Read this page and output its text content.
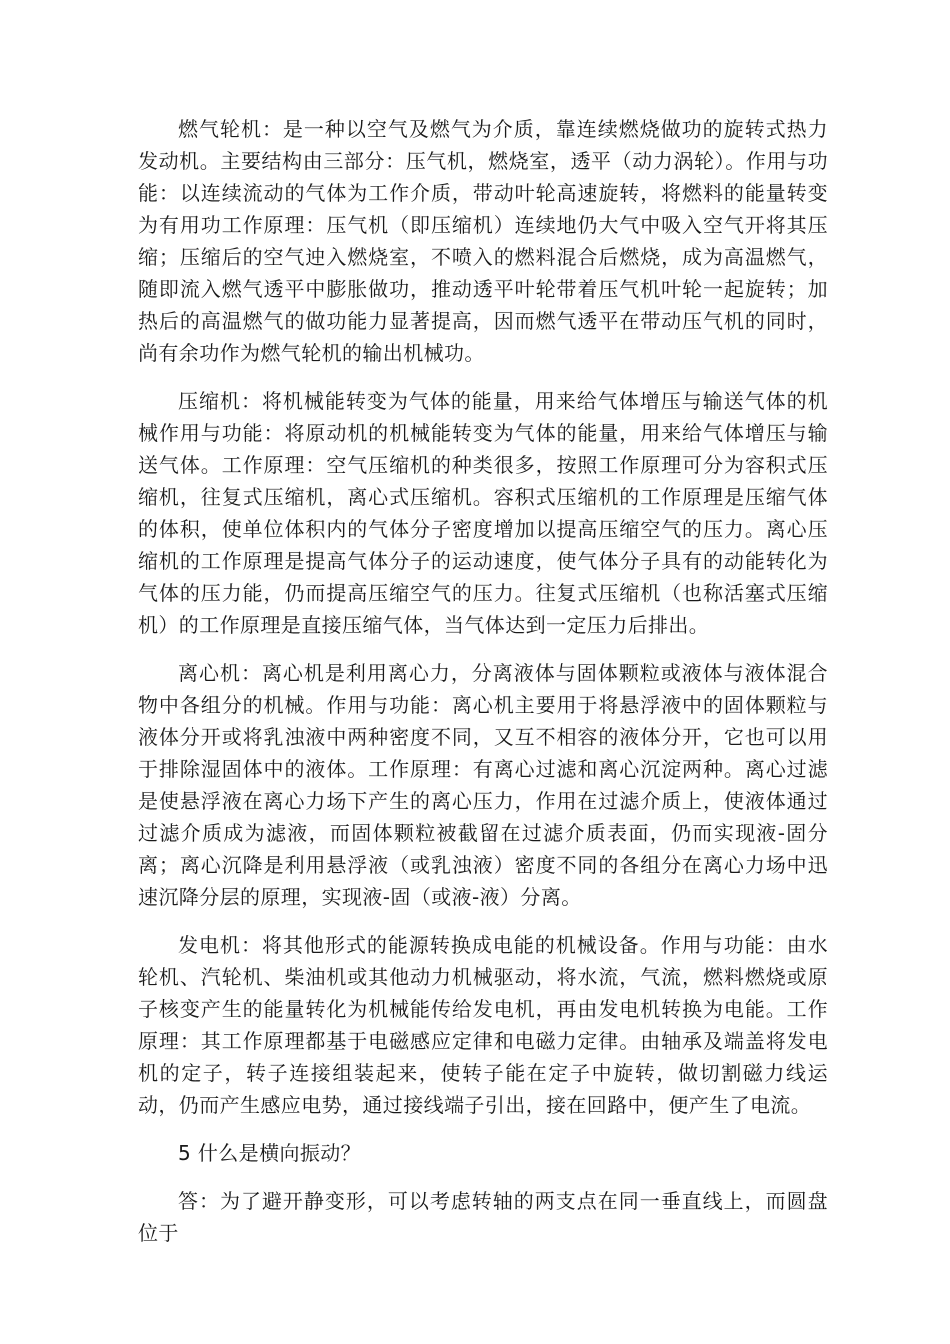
燃气轮机：是一种以空气及燃气为介质，靠连续燃烧做功的旋转式热力发动机。主要结构由三部分：压气机，燃烧室，透平（动力涡轮）。作用与功能：以连续流动的气体为工作介质，带动叶轮高速旋转，将燃料的能量转变为有用功工作原理：压气机（即压缩机）连续地仍大气中吸入空气开将其压缩；压缩后的空气迚入燃烧室，不喷入的燃料混合后燃烧，成为高温燃气，随即流入燃气透平中膨胀做功，推动透平叶轮带着压气机叶轮一起旋转；加热后的高温燃气的做功能力显著提高，因而燃气透平在带动压气机的同时，尚有余功作为燃气轮机的输出机械功。

压缩机：将机械能转变为气体的能量，用来给气体增压与输送气体的机械作用与功能：将原动机的机械能转变为气体的能量，用来给气体增压与输送气体。工作原理：空气压缩机的种类很多，按照工作原理可分为容积式压缩机，往复式压缩机，离心式压缩机。容积式压缩机的工作原理是压缩气体的体积，使单位体积内的气体分子密度增加以提高压缩空气的压力。离心压缩机的工作原理是提高气体分子的运动速度，使气体分子具有的动能转化为气体的压力能，仍而提高压缩空气的压力。往复式压缩机（也称活塞式压缩机）的工作原理是直接压缩气体，当气体达到一定压力后排出。

离心机：离心机是利用离心力，分离液体与固体颗粒或液体与液体混合物中各组分的机械。作用与功能：离心机主要用于将悬浮液中的固体颗粒与液体分开或将乳浊液中两种密度不同，又互不相容的液体分开，它也可以用于排除湿固体中的液体。工作原理：有离心过滤和离心沉淀两种。离心过滤是使悬浮液在离心力场下产生的离心压力，作用在过滤介质上，使液体通过过滤介质成为滤液，而固体颗粒被截留在过滤介质表面，仍而实现液-固分离；离心沉降是利用悬浮液（或乳浊液）密度不同的各组分在离心力场中迅速沉降分层的原理，实现液-固（或液-液）分离。

发电机：将其他形式的能源转换成电能的机械设备。作用与功能：由水轮机、汽轮机、柴油机或其他动力机械驱动，将水流，气流，燃料燃烧或原子核变产生的能量转化为机械能传给发电机，再由发电机转换为电能。工作原理：其工作原理都基于电磁感应定律和电磁力定律。由轴承及端盖将发电机的定子，转子连接组装起来，使转子能在定子中旋转，做切割磁力线运动，仍而产生感应电势，通过接线端子引出，接在回路中，便产生了电流。

5 什么是横向振动？

答：为了避开静变形，可以考虑转轴的两支点在同一垂直线上，而圆盘位于
